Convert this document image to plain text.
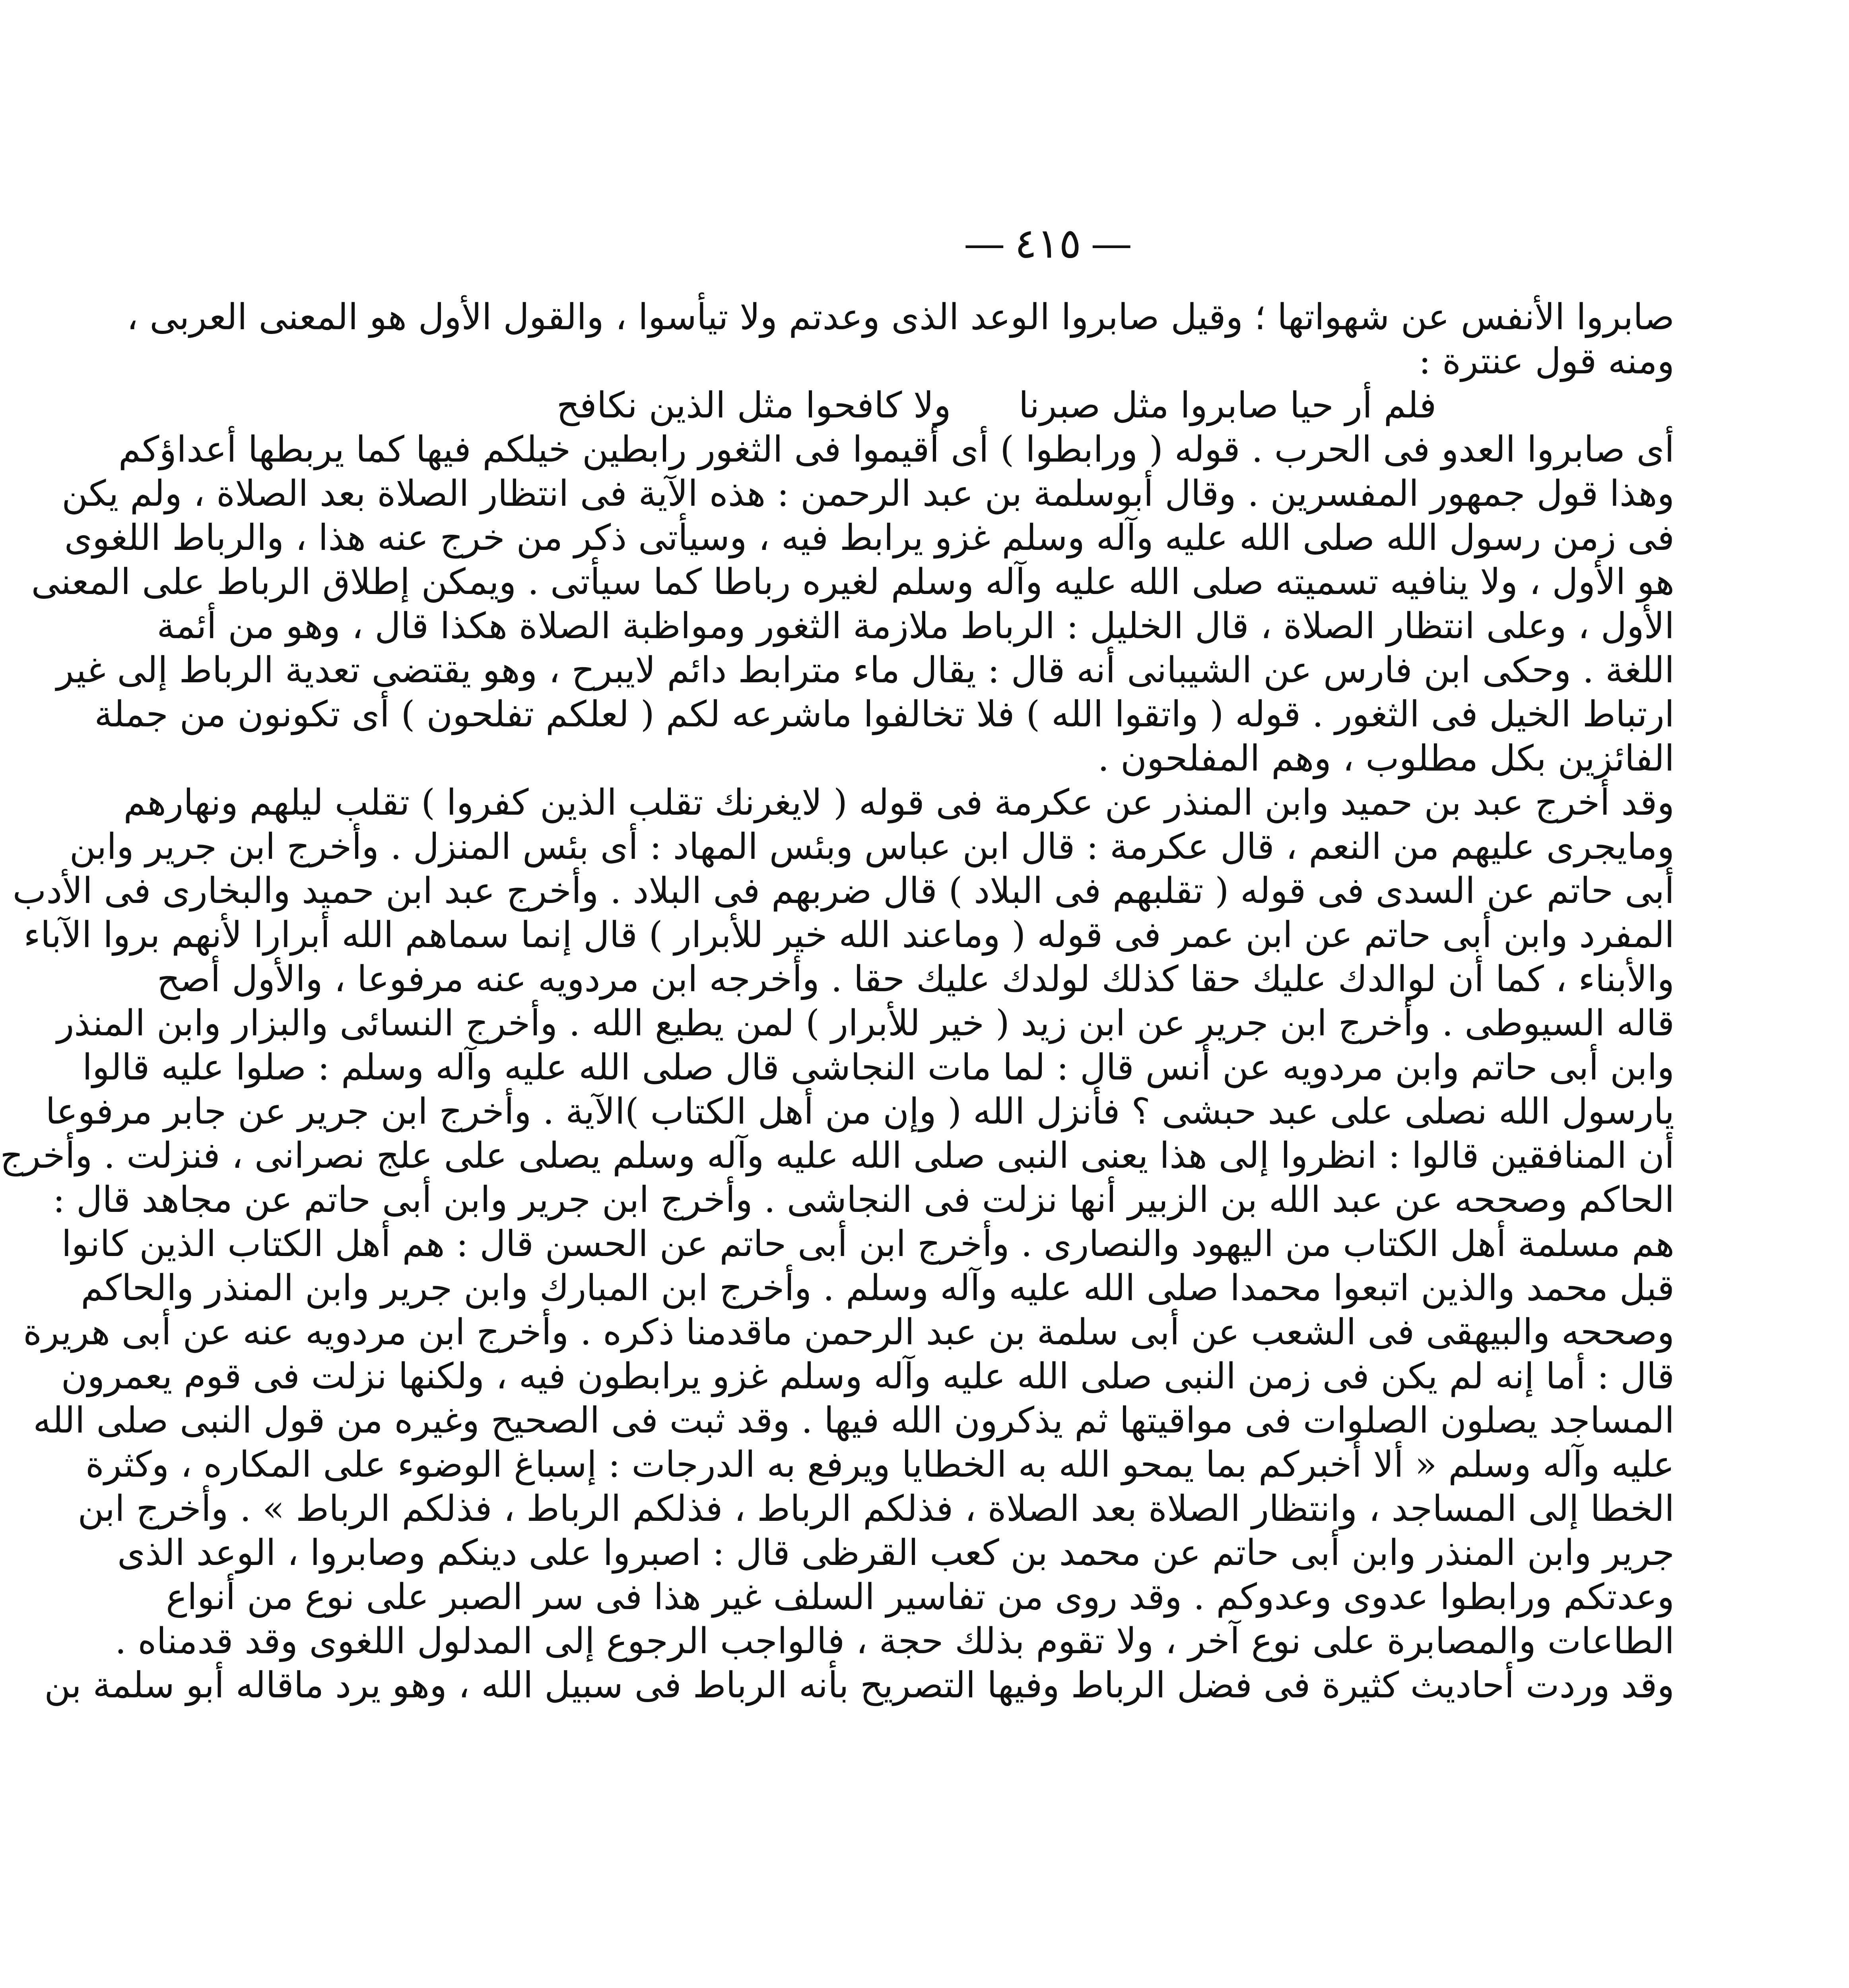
— ٤١٥ —
صابروا الأنفس عن شهواتها ؛ وقيل صابروا الوعد الذى وعدتم ولا تيأسوا ، والقول الأول هو المعنى العربى ،
ومنه قول عنترة :
فلم أر حيا صابروا مثل صبرنا
ولا كافحوا مثل الذين نكافح
أى صابروا العدو فى الحرب . قوله ( ورابطوا ) أى أقيموا فى الثغور رابطين خيلكم فيها كما يربطها أعداؤكم
وهذا قول جمهور المفسرين . وقال أبوسلمة بن عبد الرحمن : هذه الآية فى انتظار الصلاة بعد الصلاة ، ولم يكن
فى زمن رسول الله صلى الله عليه وآله وسلم غزو يرابط فيه ، وسيأتى ذكر من خرج عنه هذا ، والرباط اللغوى
هو الأول ، ولا ينافيه تسميته صلى الله عليه وآله وسلم لغيره رباطا كما سيأتى . ويمكن إطلاق الرباط على المعنى
الأول ، وعلى انتظار الصلاة ، قال الخليل : الرباط ملازمة الثغور ومواظبة الصلاة هكذا قال ، وهو من أئمة
اللغة . وحكى ابن فارس عن الشيبانى أنه قال : يقال ماء مترابط دائم لايبرح ، وهو يقتضى تعدية الرباط إلى غير
ارتباط الخيل فى الثغور . قوله ( واتقوا الله ) فلا تخالفوا ماشرعه لكم ( لعلكم تفلحون ) أى تكونون من جملة
الفائزين بكل مطلوب ، وهم المفلحون .
وقد أخرج عبد بن حميد وابن المنذر عن عكرمة فى قوله ( لايغرنك تقلب الذين كفروا ) تقلب ليلهم ونهارهم
ومايجرى عليهم من النعم ، قال عكرمة : قال ابن عباس وبئس المهاد : أى بئس المنزل . وأخرج ابن جرير وابن
أبى حاتم عن السدى فى قوله ( تقلبهم فى البلاد ) قال ضربهم فى البلاد . وأخرج عبد ابن حميد والبخارى فى الأدب
المفرد وابن أبى حاتم عن ابن عمر فى قوله ( وماعند الله خير للأبرار ) قال إنما سماهم الله أبرارا لأنهم بروا الآباء
والأبناء ، كما أن لوالدك عليك حقا كذلك لولدك عليك حقا . وأخرجه ابن مردويه عنه مرفوعا ، والأول أصح
قاله السيوطى . وأخرج ابن جرير عن ابن زيد ( خير للأبرار ) لمن يطيع الله . وأخرج النسائى والبزار وابن المنذر
وابن أبى حاتم وابن مردويه عن أنس قال : لما مات النجاشى قال صلى الله عليه وآله وسلم : صلوا عليه قالوا
يارسول الله نصلى على عبد حبشى ؟ فأنزل الله ( وإن من أهل الكتاب )الآية . وأخرج ابن جرير عن جابر مرفوعا
أن المنافقين قالوا : انظروا إلى هذا يعنى النبى صلى الله عليه وآله وسلم يصلى على علج نصرانى ، فنزلت . وأخرج
الحاكم وصححه عن عبد الله بن الزبير أنها نزلت فى النجاشى . وأخرج ابن جرير وابن أبى حاتم عن مجاهد قال :
هم مسلمة أهل الكتاب من اليهود والنصارى . وأخرج ابن أبى حاتم عن الحسن قال : هم أهل الكتاب الذين كانوا
قبل محمد والذين اتبعوا محمدا صلى الله عليه وآله وسلم . وأخرج ابن المبارك وابن جرير وابن المنذر والحاكم
وصححه والبيهقى فى الشعب عن أبى سلمة بن عبد الرحمن ماقدمنا ذكره . وأخرج ابن مردويه عنه عن أبى هريرة
قال : أما إنه لم يكن فى زمن النبى صلى الله عليه وآله وسلم غزو يرابطون فيه ، ولكنها نزلت فى قوم يعمرون
المساجد يصلون الصلوات فى مواقيتها ثم يذكرون الله فيها . وقد ثبت فى الصحيح وغيره من قول النبى صلى الله
عليه وآله وسلم « ألا أخبركم بما يمحو الله به الخطايا ويرفع به الدرجات : إسباغ الوضوء على المكاره ، وكثرة
الخطا إلى المساجد ، وانتظار الصلاة بعد الصلاة ، فذلكم الرباط ، فذلكم الرباط ، فذلكم الرباط » . وأخرج ابن
جرير وابن المنذر وابن أبى حاتم عن محمد بن كعب القرظى قال : اصبروا على دينكم وصابروا ، الوعد الذى
وعدتكم ورابطوا عدوى وعدوكم . وقد روى من تفاسير السلف غير هذا فى سر الصبر على نوع من أنواع
الطاعات والمصابرة على نوع آخر ، ولا تقوم بذلك حجة ، فالواجب الرجوع إلى المدلول اللغوى وقد قدمناه .
وقد وردت أحاديث كثيرة فى فضل الرباط وفيها التصريح بأنه الرباط فى سبيل الله ، وهو يرد ماقاله أبو سلمة بن
